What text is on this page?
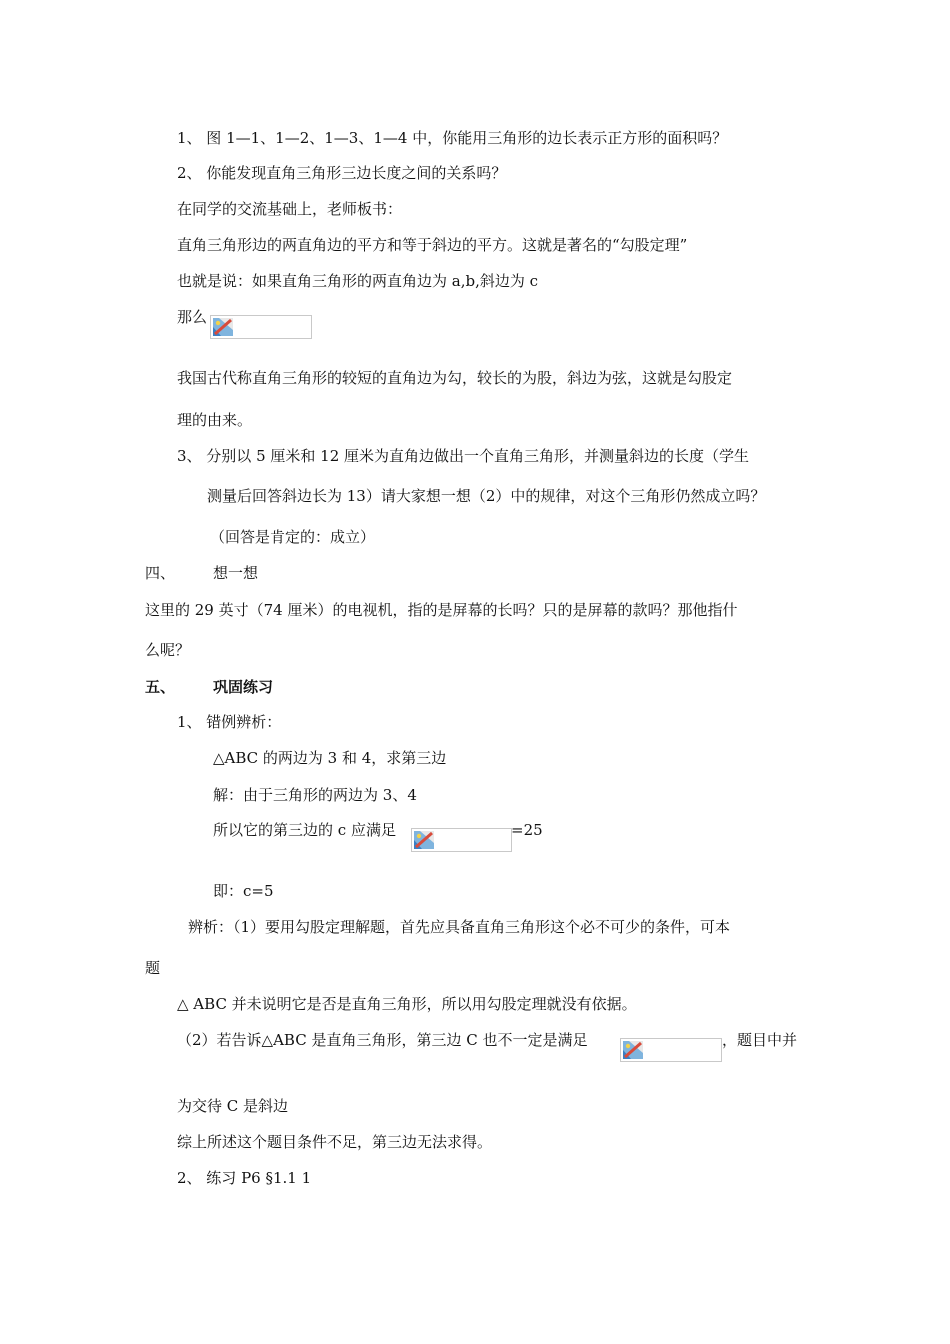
1、 图 1—1、1—2、1—3、1—4 中，你能用三角形的边长表示正方形的面积吗？
2、 你能发现直角三角形三边长度之间的关系吗？
在同学的交流基础上，老师板书：
直角三角形边的两直角边的平方和等于斜边的平方。这就是著名的“勾股定理”
也就是说：如果直角三角形的两直角边为 a,b,斜边为 c
那么
我国古代称直角三角形的较短的直角边为勾，较长的为股，斜边为弦，这就是勾股定
理的由来。
3、 分别以 5 厘米和 12 厘米为直角边做出一个直角三角形，并测量斜边的长度（学生
测量后回答斜边长为 13）请大家想一想（2）中的规律，对这个三角形仍然成立吗？
（回答是肯定的：成立）
四、	想一想
这里的 29 英寸（74 厘米）的电视机，指的是屏幕的长吗？只的是屏幕的款吗？那他指什
么呢？
五、	巩固练习
1、 错例辨析：
△ABC 的两边为 3 和 4，求第三边
解：由于三角形的两边为 3、4
所以它的第三边的 c 应满足	=25
即：c=5
辨析：（1）要用勾股定理解题，首先应具备直角三角形这个必不可少的条件，可本
题
△ ABC 并未说明它是否是直角三角形，所以用勾股定理就没有依据。
（2）若告诉△ABC 是直角三角形，第三边 C 也不一定是满足	，题目中并
为交待 C 是斜边
综上所述这个题目条件不足，第三边无法求得。
2、 练习 P6 §1.1 1
